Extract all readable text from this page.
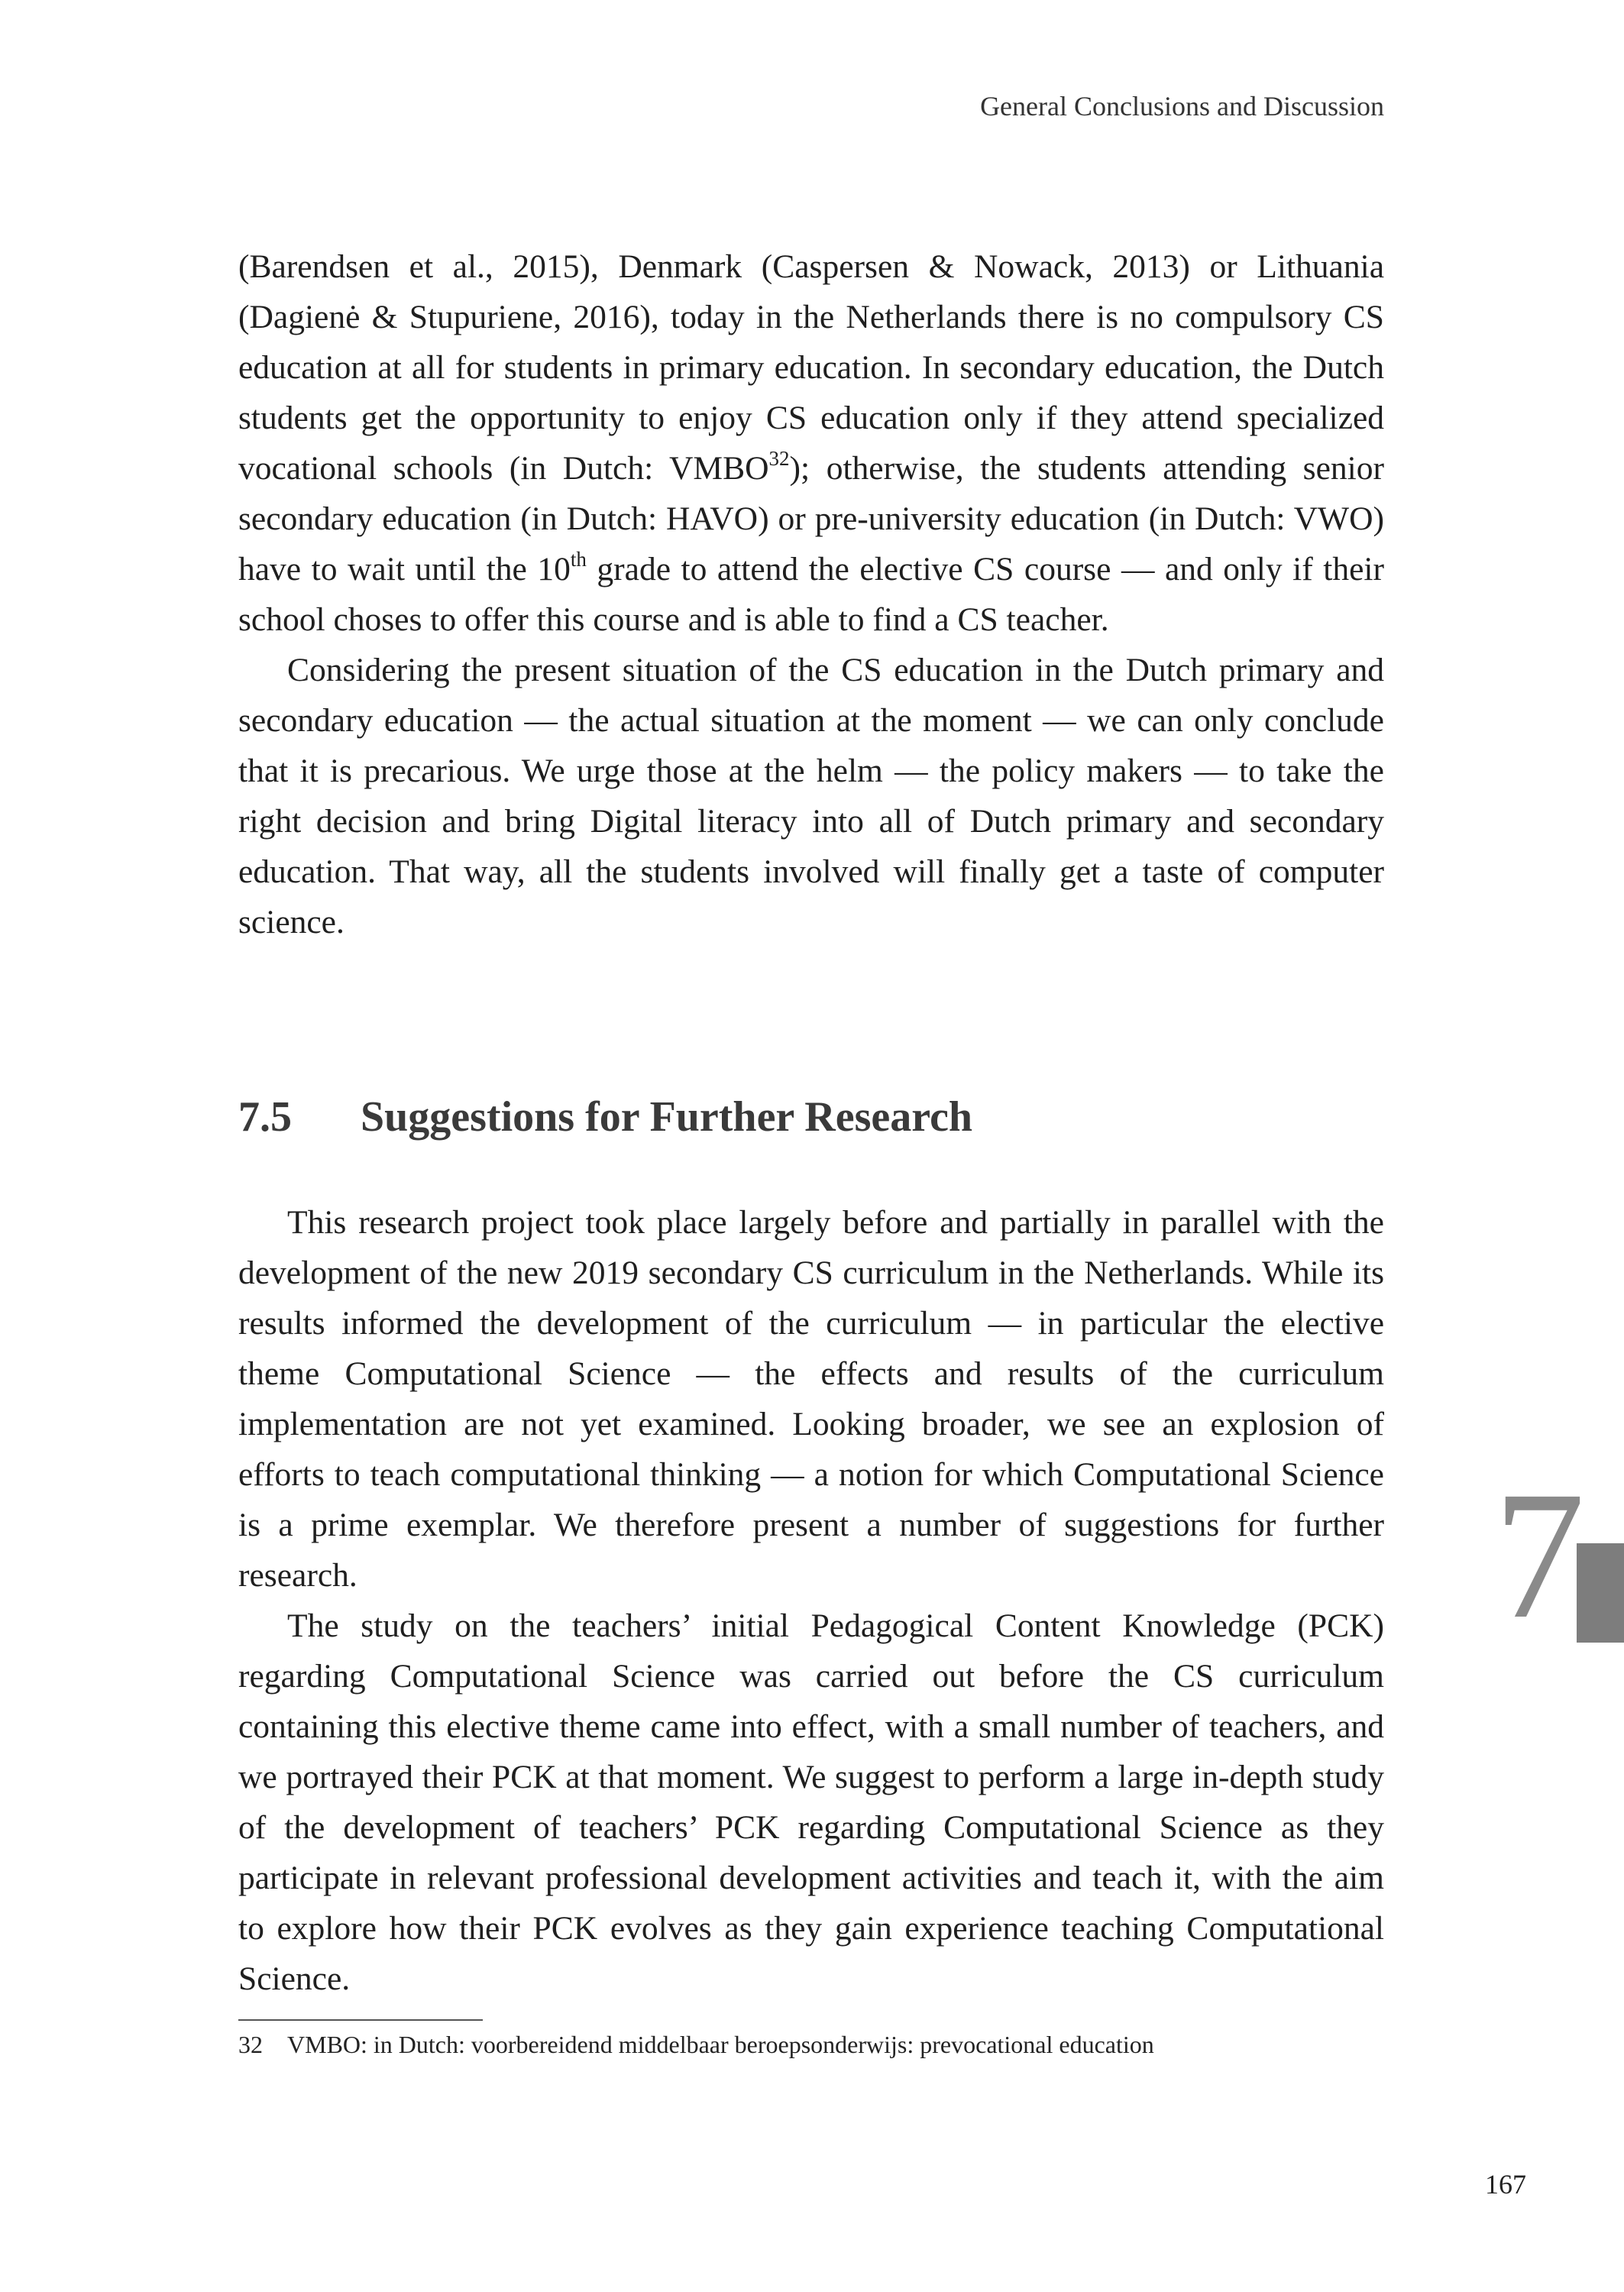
General Conclusions and Discussion

(Barendsen et al., 2015), Denmark (Caspersen & Nowack, 2013) or Lithuania (Dagienė & Stupuriene, 2016), today in the Netherlands there is no compulsory CS education at all for students in primary education. In secondary education, the Dutch students get the opportunity to enjoy CS education only if they attend specialized vocational schools (in Dutch: VMBO$^{32}$); otherwise, the students attending senior secondary education (in Dutch: HAVO) or pre-university education (in Dutch: VWO) have to wait until the 10th grade to attend the elective CS course — and only if their school choses to offer this course and is able to find a CS teacher.

Considering the present situation of the CS education in the Dutch primary and secondary education — the actual situation at the moment — we can only conclude that it is precarious. We urge those at the helm — the policy makers — to take the right decision and bring Digital literacy into all of Dutch primary and secondary education. That way, all the students involved will finally get a taste of computer science.

7.5 Suggestions for Further Research

This research project took place largely before and partially in parallel with the development of the new 2019 secondary CS curriculum in the Netherlands. While its results informed the development of the curriculum — in particular the elective theme Computational Science — the effects and results of the curriculum implementation are not yet examined. Looking broader, we see an explosion of efforts to teach computational thinking — a notion for which Computational Science is a prime exemplar. We therefore present a number of suggestions for further research.

The study on the teachers’ initial Pedagogical Content Knowledge (PCK) regarding Computational Science was carried out before the CS curriculum containing this elective theme came into effect, with a small number of teachers, and we portrayed their PCK at that moment. We suggest to perform a large in-depth study of the development of teachers’ PCK regarding Computational Science as they participate in relevant professional development activities and teach it, with the aim to explore how their PCK evolves as they gain experience teaching Computational Science.

32 VMBO: in Dutch: voorbereidend middelbaar beroepsonderwijs: prevocational education
7
167
